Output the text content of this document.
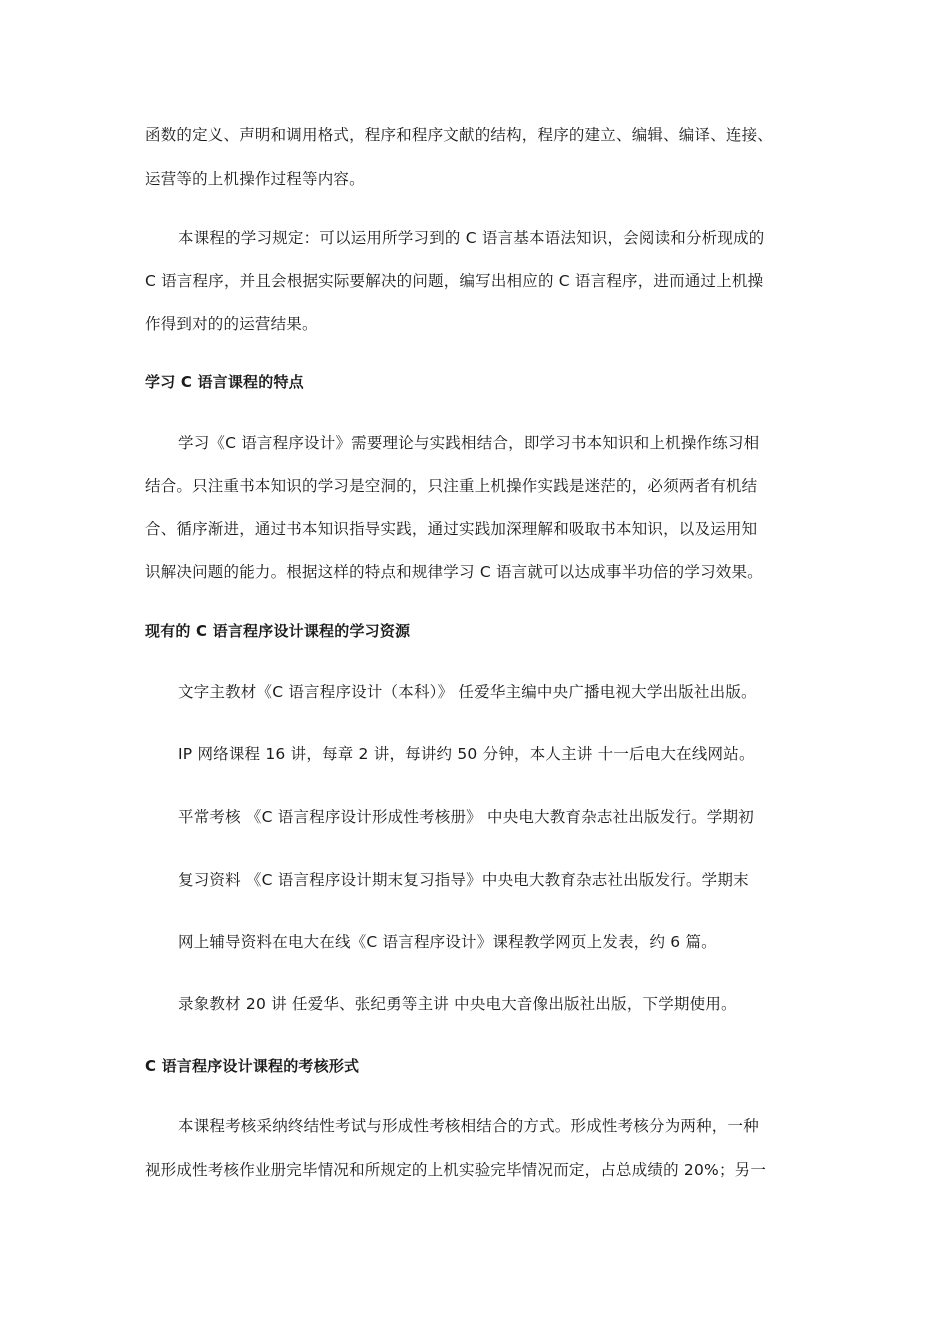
函数的定义、声明和调用格式，程序和程序文献的结构，程序的建立、编辑、编译、连接、
运营等的上机操作过程等内容。
本课程的学习规定：可以运用所学习到的 C 语言基本语法知识，会阅读和分析现成的
C 语言程序，并且会根据实际要解决的问题，编写出相应的 C 语言程序，进而通过上机操
作得到对的的运营结果。
学习 C 语言课程的特点
学习《C 语言程序设计》需要理论与实践相结合，即学习书本知识和上机操作练习相
结合。只注重书本知识的学习是空洞的，只注重上机操作实践是迷茫的，必须两者有机结
合、循序渐进，通过书本知识指导实践，通过实践加深理解和吸取书本知识，以及运用知
识解决问题的能力。根据这样的特点和规律学习 C 语言就可以达成事半功倍的学习效果。
现有的 C 语言程序设计课程的学习资源
文字主教材《C 语言程序设计（本科）》 任爱华主编中央广播电视大学出版社出版。
IP 网络课程 16 讲，每章 2 讲，每讲约 50 分钟，本人主讲 十一后电大在线网站。
平常考核 《C 语言程序设计形成性考核册》 中央电大教育杂志社出版发行。学期初
复习资料 《C 语言程序设计期末复习指导》中央电大教育杂志社出版发行。学期末
网上辅导资料在电大在线《C 语言程序设计》课程教学网页上发表，约 6 篇。
录象教材 20 讲 任爱华、张纪勇等主讲 中央电大音像出版社出版，下学期使用。
C 语言程序设计课程的考核形式
本课程考核采纳终结性考试与形成性考核相结合的方式。形成性考核分为两种，一种
视形成性考核作业册完毕情况和所规定的上机实验完毕情况而定，占总成绩的 20%；另一
